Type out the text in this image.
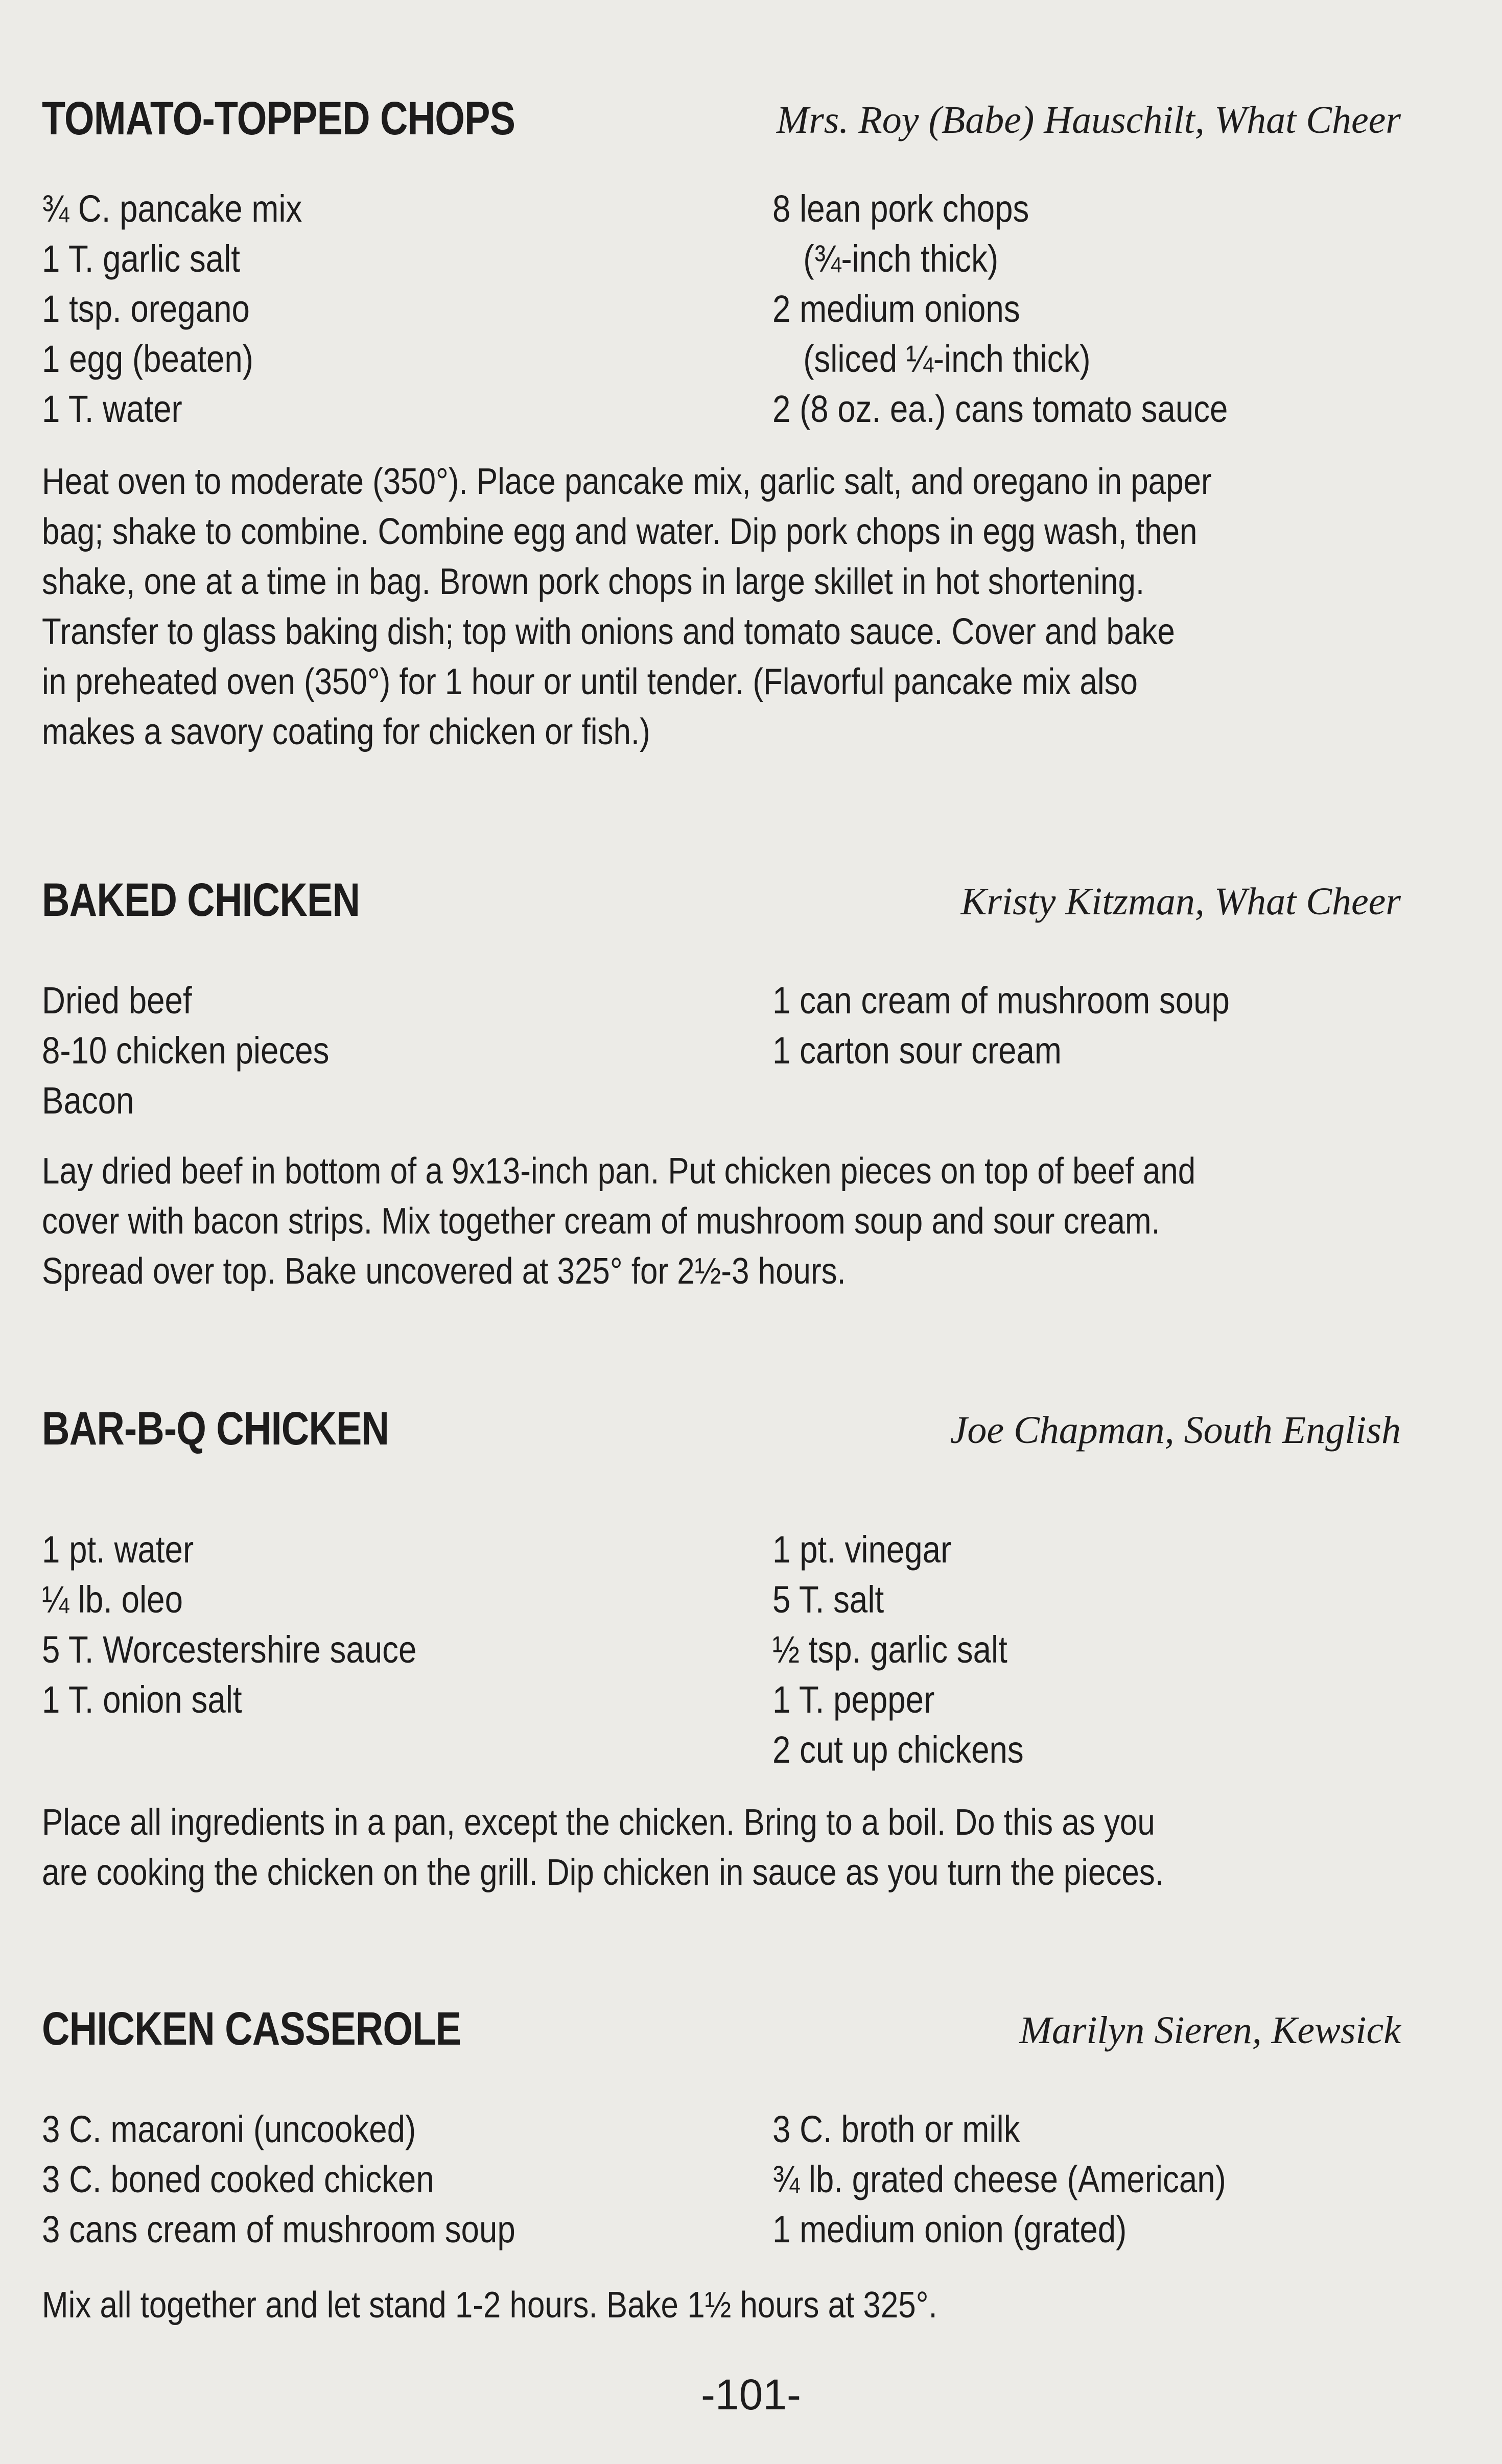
TOMATO-TOPPED CHOPS	Mrs. Roy (Babe) Hauschilt, What Cheer
¾ C. pancake mix
1 T. garlic salt
1 tsp. oregano
1 egg (beaten)
1 T. water
8 lean pork chops
(¾-inch thick)
2 medium onions
(sliced ¼-inch thick)
2 (8 oz. ea.) cans tomato sauce
Heat oven to moderate (350°). Place pancake mix, garlic salt, and oregano in paper
bag; shake to combine. Combine egg and water. Dip pork chops in egg wash, then
shake, one at a time in bag. Brown pork chops in large skillet in hot shortening.
Transfer to glass baking dish; top with onions and tomato sauce. Cover and bake
in preheated oven (350°) for 1 hour or until tender. (Flavorful pancake mix also
makes a savory coating for chicken or fish.)
BAKED CHICKEN	Kristy Kitzman, What Cheer
Dried beef
8-10 chicken pieces
Bacon
1 can cream of mushroom soup
1 carton sour cream
Lay dried beef in bottom of a 9x13-inch pan. Put chicken pieces on top of beef and
cover with bacon strips. Mix together cream of mushroom soup and sour cream.
Spread over top. Bake uncovered at 325° for 2½-3 hours.
BAR-B-Q CHICKEN	Joe Chapman, South English
1 pt. water
¼ lb. oleo
5 T. Worcestershire sauce
1 T. onion salt
1 pt. vinegar
5 T. salt
½ tsp. garlic salt
1 T. pepper
2 cut up chickens
Place all ingredients in a pan, except the chicken. Bring to a boil. Do this as you
are cooking the chicken on the grill. Dip chicken in sauce as you turn the pieces.
CHICKEN CASSEROLE	Marilyn Sieren, Kewsick
3 C. macaroni (uncooked)
3 C. boned cooked chicken
3 cans cream of mushroom soup
3 C. broth or milk
¾ lb. grated cheese (American)
1 medium onion (grated)
Mix all together and let stand 1-2 hours. Bake 1½ hours at 325°.
-101-
